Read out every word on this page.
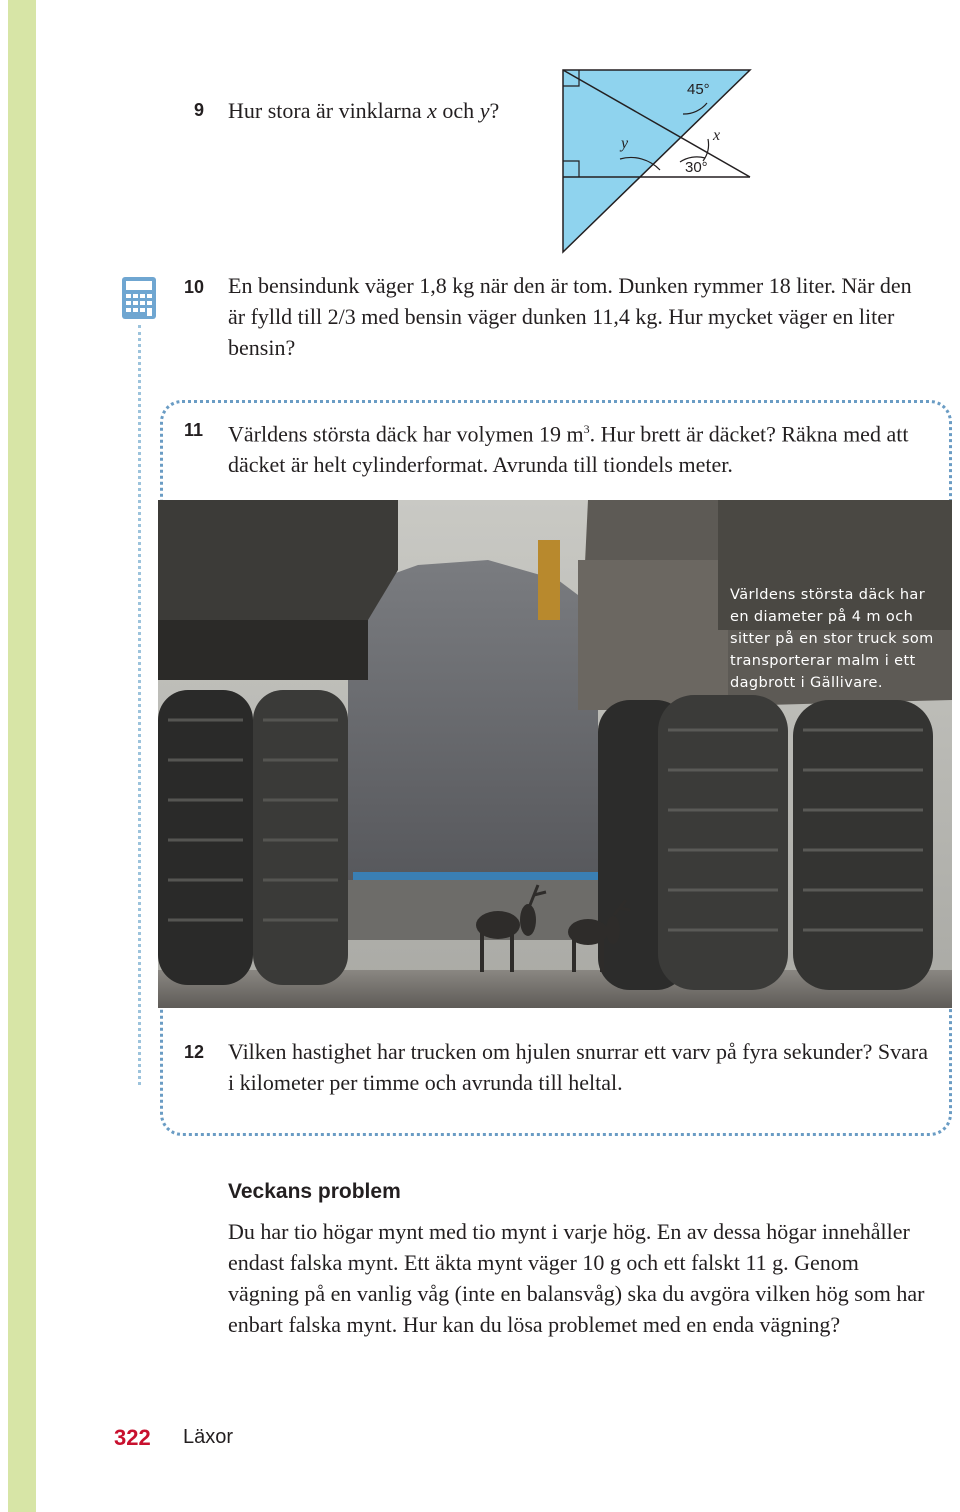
9	Hur stora är vinklarna x och y?
45°
30°
x
y
10	En bensindunk väger 1,8 kg när den är tom. Dunken rymmer 18 liter. När den är fylld till 2/3 med bensin väger dunken 11,4 kg. Hur mycket väger en liter bensin?
11	Världens största däck har volymen 19 $m^3$. Hur brett är däcket? Räkna med att däcket är helt cylinderformat. Avrunda till tiondels meter.
Världens största däck har en diameter på 4 m och sitter på en stor truck som transporterar malm i ett dagbrott i Gällivare.
12	Vilken hastighet har trucken om hjulen snurrar ett varv på fyra sekunder? Svara i kilometer per timme och avrunda till heltal.
Veckans problem
Du har tio högar mynt med tio mynt i varje hög. En av dessa högar innehåller endast falska mynt. Ett äkta mynt väger 10 g och ett falskt 11 g. Genom vägning på en vanlig våg (inte en balansvåg) ska du avgöra vilken hög som har enbart falska mynt. Hur kan du lösa problemet med en enda vägning?
322 Läxor
